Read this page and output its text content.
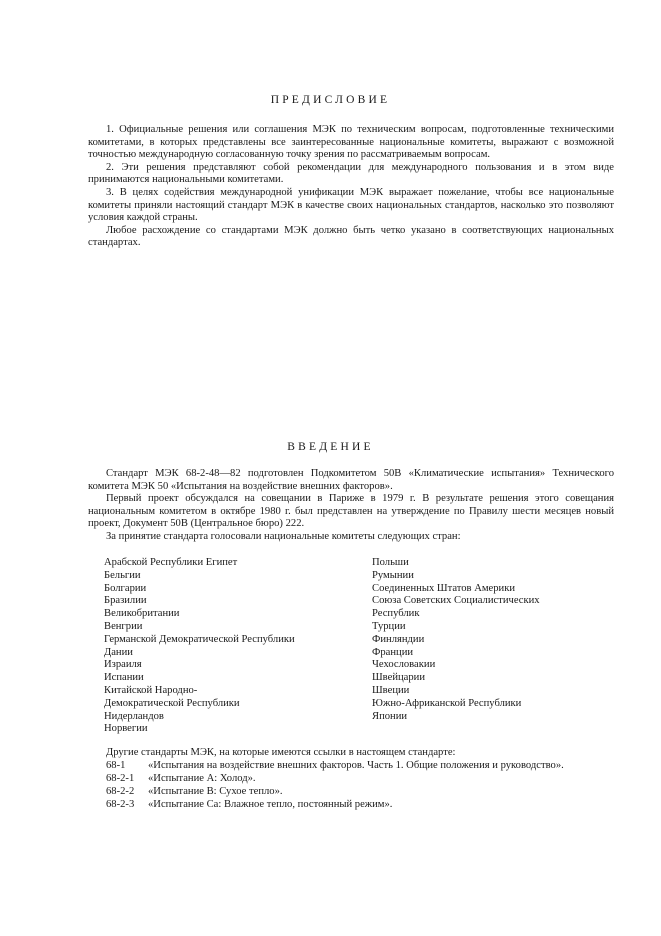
ПРЕДИСЛОВИЕ

1. Официальные решения или соглашения МЭК по техническим вопросам, подготовленные техническими комитетами, в которых представлены все заинтересованные национальные комитеты, выражают с возможной точностью международную согласованную точку зрения по рассматриваемым вопросам.

2. Эти решения представляют собой рекомендации для международного пользования и в этом виде принимаются национальными комитетами.

3. В целях содействия международной унификации МЭК выражает пожелание, чтобы все национальные комитеты приняли настоящий стандарт МЭК в качестве своих национальных стандартов, насколько это позволяют условия каждой страны.

Любое расхождение со стандартами МЭК должно быть четко указано в соответствующих национальных стандартах.

ВВЕДЕНИЕ

Стандарт МЭК 68-2-48—82 подготовлен Подкомитетом 50В «Климатические испытания» Технического комитета МЭК 50 «Испытания на воздействие внешних факторов».

Первый проект обсуждался на совещании в Париже в 1979 г. В результате решения этого совещания национальным комитетом в октябре 1980 г. был представлен на утверждение по Правилу шести месяцев новый проект, Документ 50В (Центральное бюро) 222.

За принятие стандарта голосовали национальные комитеты следующих стран:

Арабской Республики Египет
Бельгии
Болгарии
Бразилии
Великобритании
Венгрии
Германской Демократической Республики
Дании
Израиля
Испании
Китайской Народно-
Демократической Республики
Нидерландов
Норвегии
Польши
Румынии
Соединенных Штатов Америки
Союза Советских Социалистических
Республик
Турции
Финляндии
Франции
Чехословакии
Швейцарии
Швеции
Южно-Африканской Республики
Японии
Другие стандарты МЭК, на которые имеются ссылки в настоящем стандарте:
68-1	«Испытания на воздействие внешних факторов. Часть 1. Общие положения и руководство».
68-2-1	«Испытание А: Холод».
68-2-2	«Испытание В: Сухое тепло».
68-2-3	«Испытание Са: Влажное тепло, постоянный режим».
